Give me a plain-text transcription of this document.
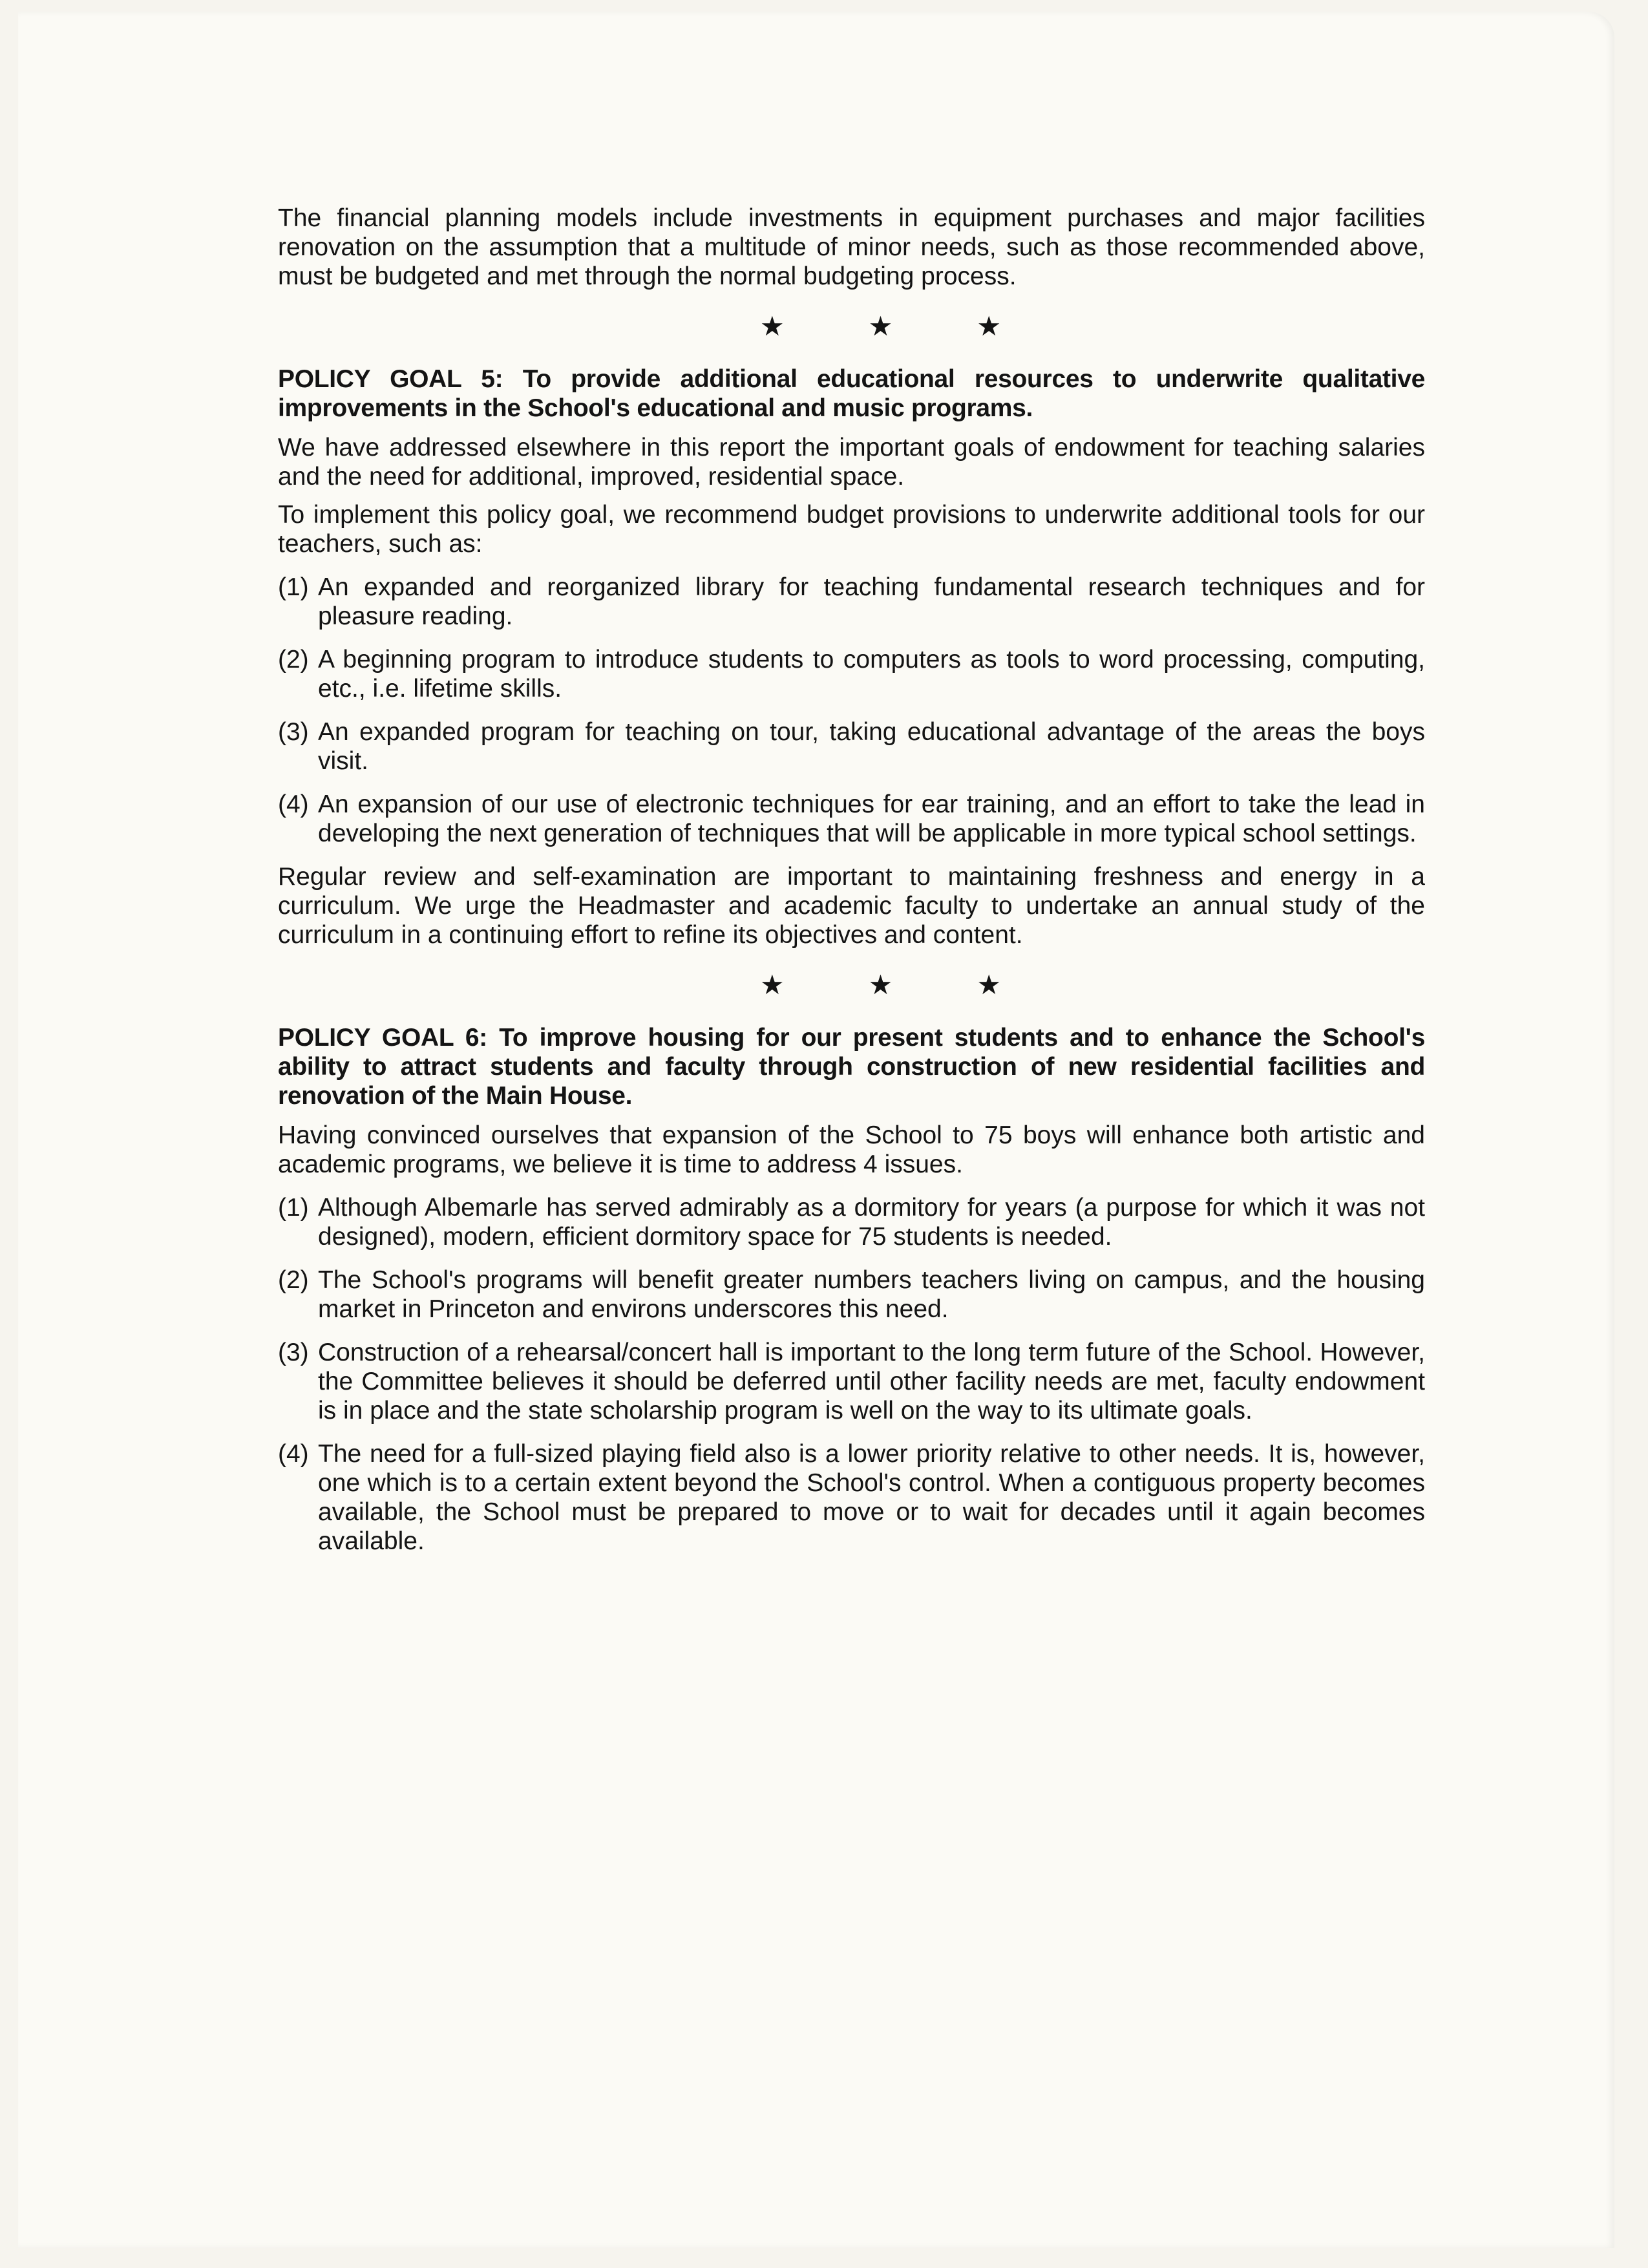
The financial planning models include investments in equipment purchases and major facilities renovation on the assumption that a multitude of minor needs, such as those recommended above, must be budgeted and met through the normal budgeting process.

★	★	★

POLICY GOAL 5: To provide additional educational resources to underwrite qualitative improvements in the School's educational and music programs.

We have addressed elsewhere in this report the important goals of endowment for teaching salaries and the need for additional, improved, residential space.

To implement this policy goal, we recommend budget provisions to underwrite additional tools for our teachers, such as:

(1) An expanded and reorganized library for teaching fundamental research techniques and for pleasure reading.
(2) A beginning program to introduce students to computers as tools to word processing, computing, etc., i.e. lifetime skills.
(3) An expanded program for teaching on tour, taking educational advantage of the areas the boys visit.
(4) An expansion of our use of electronic techniques for ear training, and an effort to take the lead in developing the next generation of techniques that will be applicable in more typical school settings.

Regular review and self-examination are important to maintaining freshness and energy in a curriculum. We urge the Headmaster and academic faculty to undertake an annual study of the curriculum in a continuing effort to refine its objectives and content.

★	★	★

POLICY GOAL 6: To improve housing for our present students and to enhance the School's ability to attract students and faculty through construction of new residential facilities and renovation of the Main House.

Having convinced ourselves that expansion of the School to 75 boys will enhance both artistic and academic programs, we believe it is time to address 4 issues.

(1) Although Albemarle has served admirably as a dormitory for years (a purpose for which it was not designed), modern, efficient dormitory space for 75 students is needed.
(2) The School's programs will benefit greater numbers teachers living on campus, and the housing market in Princeton and environs underscores this need.
(3) Construction of a rehearsal/concert hall is important to the long term future of the School. However, the Committee believes it should be deferred until other facility needs are met, faculty endowment is in place and the state scholarship program is well on the way to its ultimate goals.
(4) The need for a full-sized playing field also is a lower priority relative to other needs. It is, however, one which is to a certain extent beyond the School's control. When a contiguous property becomes available, the School must be prepared to move or to wait for decades until it again becomes available.
